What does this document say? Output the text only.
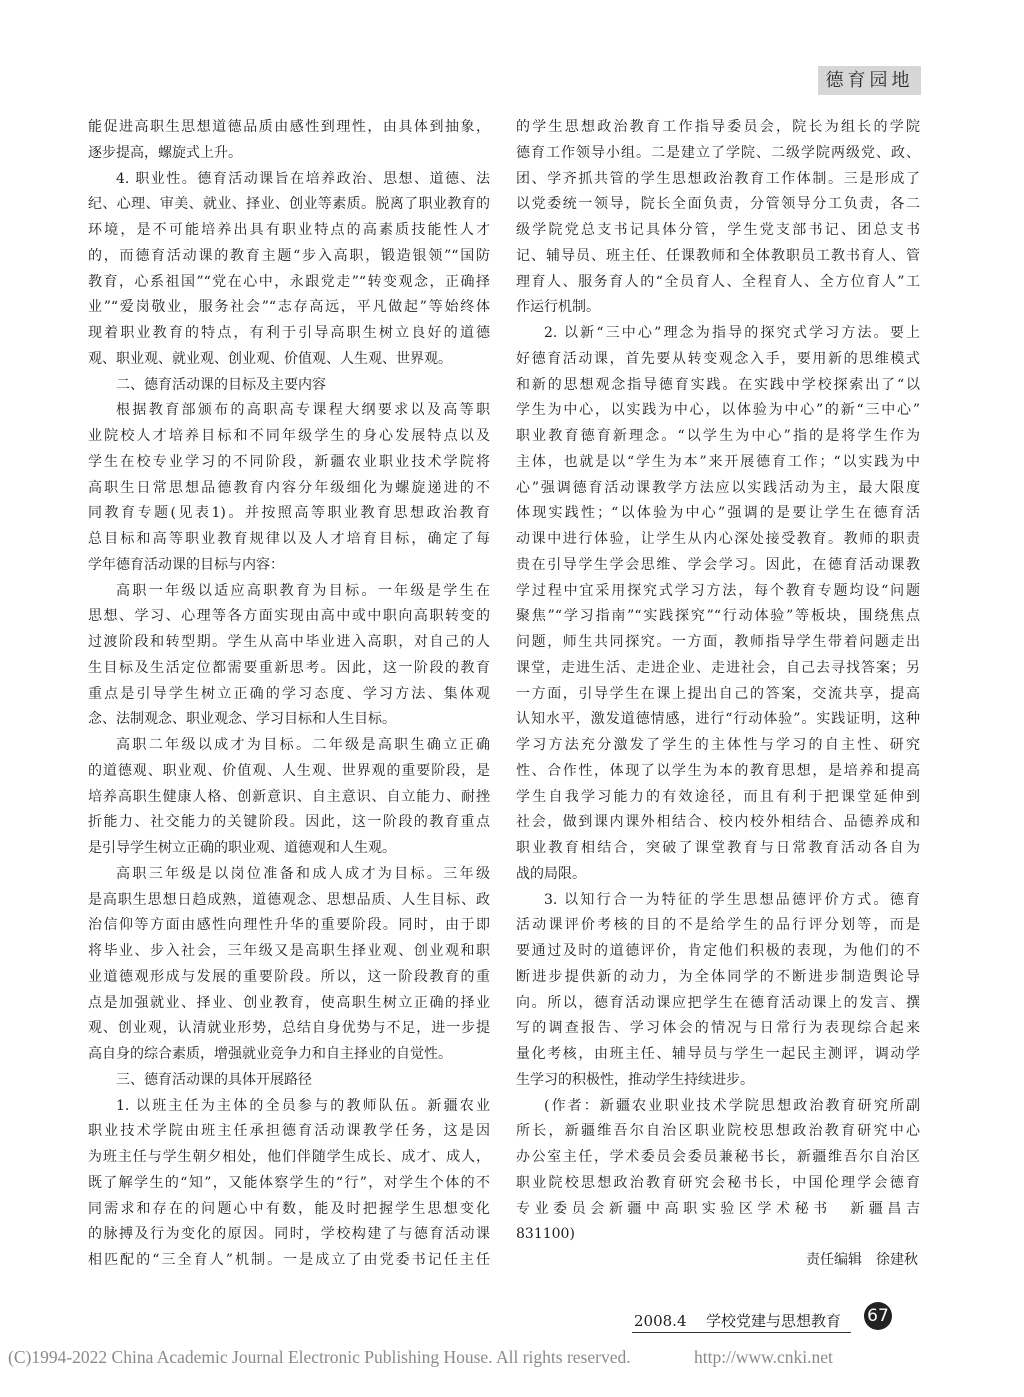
德育园地
能促进高职生思想道德品质由感性到理性，由具体到抽象，
逐步提高，螺旋式上升。
4. 职业性。德育活动课旨在培养政治、思想、道德、法
纪、心理、审美、就业、择业、创业等素质。脱离了职业教育的
环境，是不可能培养出具有职业特点的高素质技能性人才
的，而德育活动课的教育主题“步入高职，锻造银领”“国防
教育，心系祖国”“党在心中，永跟党走”“转变观念，正确择
业”“爱岗敬业，服务社会”“志存高远，平凡做起”等始终体
现着职业教育的特点，有利于引导高职生树立良好的道德
观、职业观、就业观、创业观、价值观、人生观、世界观。
二、德育活动课的目标及主要内容
根据教育部颁布的高职高专课程大纲要求以及高等职
业院校人才培养目标和不同年级学生的身心发展特点以及
学生在校专业学习的不同阶段，新疆农业职业技术学院将
高职生日常思想品德教育内容分年级细化为螺旋递进的不
同教育专题(见表1)。并按照高等职业教育思想政治教育
总目标和高等职业教育规律以及人才培育目标，确定了每
学年德育活动课的目标与内容：
高职一年级以适应高职教育为目标。一年级是学生在
思想、学习、心理等各方面实现由高中或中职向高职转变的
过渡阶段和转型期。学生从高中毕业进入高职，对自己的人
生目标及生活定位都需要重新思考。因此，这一阶段的教育
重点是引导学生树立正确的学习态度、学习方法、集体观
念、法制观念、职业观念、学习目标和人生目标。
高职二年级以成才为目标。二年级是高职生确立正确
的道德观、职业观、价值观、人生观、世界观的重要阶段，是
培养高职生健康人格、创新意识、自主意识、自立能力、耐挫
折能力、社交能力的关键阶段。因此，这一阶段的教育重点
是引导学生树立正确的职业观、道德观和人生观。
高职三年级是以岗位准备和成人成才为目标。三年级
是高职生思想日趋成熟，道德观念、思想品质、人生目标、政
治信仰等方面由感性向理性升华的重要阶段。同时，由于即
将毕业、步入社会，三年级又是高职生择业观、创业观和职
业道德观形成与发展的重要阶段。所以，这一阶段教育的重
点是加强就业、择业、创业教育，使高职生树立正确的择业
观、创业观，认清就业形势，总结自身优势与不足，进一步提
高自身的综合素质，增强就业竞争力和自主择业的自觉性。
三、德育活动课的具体开展路径
1. 以班主任为主体的全员参与的教师队伍。新疆农业
职业技术学院由班主任承担德育活动课教学任务，这是因
为班主任与学生朝夕相处，他们伴随学生成长、成才、成人，
既了解学生的“知”，又能体察学生的“行”，对学生个体的不
同需求和存在的问题心中有数，能及时把握学生思想变化
的脉搏及行为变化的原因。同时，学校构建了与德育活动课
相匹配的“三全育人”机制。一是成立了由党委书记任主任
的学生思想政治教育工作指导委员会，院长为组长的学院
德育工作领导小组。二是建立了学院、二级学院两级党、政、
团、学齐抓共管的学生思想政治教育工作体制。三是形成了
以党委统一领导，院长全面负责，分管领导分工负责，各二
级学院党总支书记具体分管，学生党支部书记、团总支书
记、辅导员、班主任、任课教师和全体教职员工教书育人、管
理育人、服务育人的“全员育人、全程育人、全方位育人”工
作运行机制。
2. 以新“三中心”理念为指导的探究式学习方法。要上
好德育活动课，首先要从转变观念入手，要用新的思维模式
和新的思想观念指导德育实践。在实践中学校探索出了“以
学生为中心，以实践为中心，以体验为中心”的新“三中心”
职业教育德育新理念。“以学生为中心”指的是将学生作为
主体，也就是以“学生为本”来开展德育工作；“以实践为中
心”强调德育活动课教学方法应以实践活动为主，最大限度
体现实践性；“以体验为中心”强调的是要让学生在德育活
动课中进行体验，让学生从内心深处接受教育。教师的职责
贵在引导学生学会思维、学会学习。因此，在德育活动课教
学过程中宜采用探究式学习方法，每个教育专题均设“问题
聚焦”“学习指南”“实践探究”“行动体验”等板块，围绕焦点
问题，师生共同探究。一方面，教师指导学生带着问题走出
课堂，走进生活、走进企业、走进社会，自己去寻找答案；另
一方面，引导学生在课上提出自己的答案，交流共享，提高
认知水平，激发道德情感，进行“行动体验”。实践证明，这种
学习方法充分激发了学生的主体性与学习的自主性、研究
性、合作性，体现了以学生为本的教育思想，是培养和提高
学生自我学习能力的有效途径，而且有利于把课堂延伸到
社会，做到课内课外相结合、校内校外相结合、品德养成和
职业教育相结合，突破了课堂教育与日常教育活动各自为
战的局限。
3. 以知行合一为特征的学生思想品德评价方式。德育
活动课评价考核的目的不是给学生的品行评分划等，而是
要通过及时的道德评价，肯定他们积极的表现，为他们的不
断进步提供新的动力，为全体同学的不断进步制造舆论导
向。所以，德育活动课应把学生在德育活动课上的发言、撰
写的调查报告、学习体会的情况与日常行为表现综合起来
量化考核，由班主任、辅导员与学生一起民主测评，调动学
生学习的积极性，推动学生持续进步。
(作者：新疆农业职业技术学院思想政治教育研究所副
所长，新疆维吾尔自治区职业院校思想政治教育研究中心
办公室主任，学术委员会委员兼秘书长，新疆维吾尔自治区
职业院校思想政治教育研究会秘书长，中国伦理学会德育
专业委员会新疆中高职实验区学术秘书　新疆昌吉
831100)
责任编辑　徐建秋
2008.4 学校党建与思想教育 67
(C)1994-2022 China Academic Journal Electronic Publishing House. All rights reserved.	http://www.cnki.net
